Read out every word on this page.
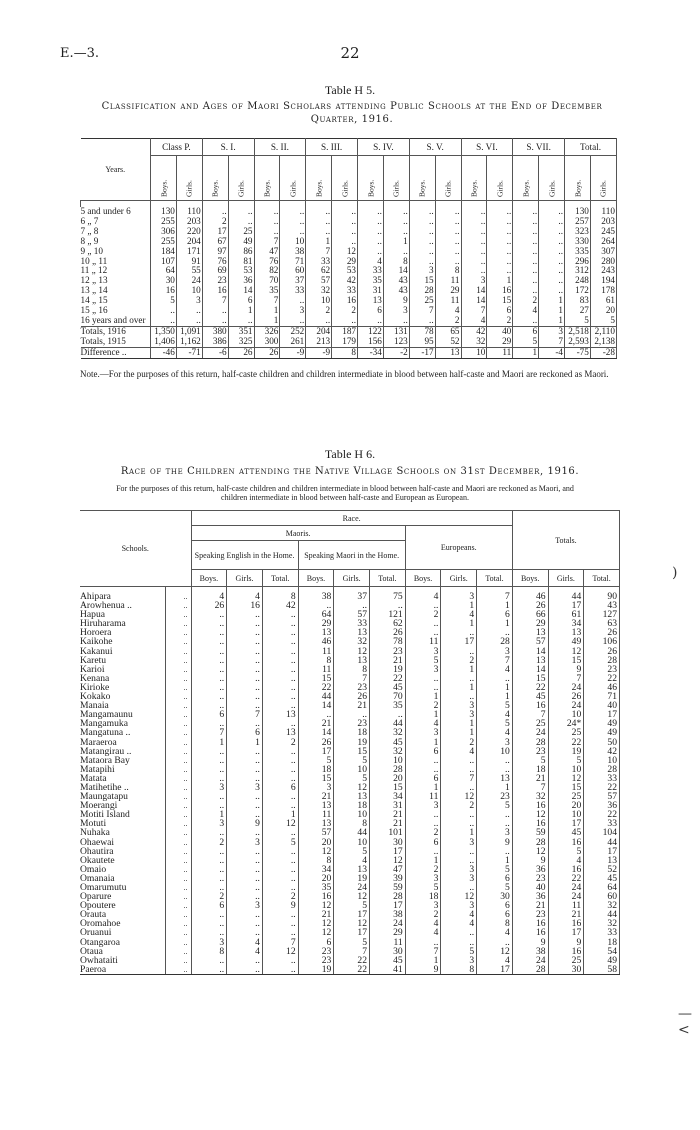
E.—3.	22
Table H 5.
Classification and Ages of Maori Scholars attending Public Schools at the End of December Quarter, 1916.
Years.	Class P.		S. I.		S. II.		S. III.		S. IV.		S. V.		S. VI.		S. VII.		Total.	
	Boys.	Girls.	Boys.	Girls.	Boys.	Girls.	Boys.	Girls.	Boys.	Girls.	Boys.	Girls.	Boys.	Girls.	Boys.	Girls.	Boys.	Girls.

5 and under 6	130	110	..	..	..	..	..	..	..	..	..	..	..	..	..	..	130	110
6 „ 7	255	203	2	..	..	..	..	..	..	..	..	..	..	..	..	..	257	203
7 „ 8	306	220	17	25	..	..	..	..	..	..	..	..	..	..	..	..	323	245
8 „ 9	255	204	67	49	7	10	1	..	..	1	..	..	..	..	..	..	330	264
9 „ 10	184	171	97	86	47	38	7	12	..	..	..	..	..	..	..	..	335	307
10 „ 11	107	91	76	81	76	71	33	29	4	8	..	..	..	..	..	..	296	280
11 „ 12	64	55	69	53	82	60	62	53	33	14	3	8	..	..	..	..	312	243
12 „ 13	30	24	23	36	70	37	57	42	35	43	15	11	3	1	..	..	248	194
13 „ 14	16	10	16	14	35	33	32	33	31	43	28	29	14	16	..	..	172	178
14 „ 15	5	3	7	6	7	..	10	16	13	9	25	11	14	15	2	1	83	61
15 „ 16	..	..	..	1	1	3	2	2	6	3	7	4	7	6	4	1	27	20
16 years and over	..	..	..	..	1	..	..	..	..	..	..	2	4	2	..	1	5	5
Totals, 1916	1,350	1,091	380	351	326	252	204	187	122	131	78	65	42	40	6	3	2,518	2,110
Totals, 1915	1,406	1,162	386	325	300	261	213	179	156	123	95	52	32	29	5	7	2,593	2,138
Difference ..	-46	-71	-6	26	26	-9	-9	8	-34	-2	-17	13	10	11	1	-4	-75	-28
Note.—For the purposes of this return, half-caste children and children intermediate in blood between half-caste and Maori are reckoned as Maori.
Table H 6.
Race of the Children attending the Native Village Schools on 31st December, 1916.
For the purposes of this return, half-caste children and children intermediate in blood between half-caste and Maori are reckoned as Maori, and children intermediate in blood between half-caste and European as European.
Schools.		Race.									Totals.		
		Maoris.						Europeans.					
		Speaking English in the Home.			Speaking Maori in the Home.								
		Boys.	Girls.	Total.	Boys.	Girls.	Total.	Boys.	Girls.	Total.	Boys.	Girls.	Total.
Ahipara	..	4	4	8	38	37	75	4	3	7	46	44	90
Arowhenua ..	..	26	16	42	..	..	..	..	1	1	26	17	43
Hapua	..	..	..	..	64	57	121	2	4	6	66	61	127
Hiruharama	..	..	..	..	29	33	62	..	1	1	29	34	63
Horoera	..	..	..	..	13	13	26	..	..	..	13	13	26
Kaikohe	..	..	..	..	46	32	78	11	17	28	57	49	106
Kakanui	..	..	..	..	11	12	23	3	..	3	14	12	26
Karetu	..	..	..	..	8	13	21	5	2	7	13	15	28
Karioi	..	..	..	..	11	8	19	3	1	4	14	9	23
Kenana	..	..	..	..	15	7	22	..	..	..	15	7	22
Kirioke	..	..	..	..	22	23	45	..	1	1	22	24	46
Kokako	..	..	..	..	44	26	70	1	..	1	45	26	71
Manaia	..	..	..	..	14	21	35	2	3	5	16	24	40
Mangamaunu	..	6	7	13	..	..	..	1	3	4	7	10	17
Mangamuka	..	..	..	..	21	23	44	4	1	5	25	24*	49
Mangatuna ..	..	7	6	13	14	18	32	3	1	4	24	25	49
Maraeroa	..	1	1	2	26	19	45	1	2	3	28	22	50
Matangirau ..	..	..	..	..	17	15	32	6	4	10	23	19	42
Mataora Bay	..	..	..	..	5	5	10	..	..	..	5	5	10
Matapihi	..	..	..	..	18	10	28	..	..	..	18	10	28
Matata	..	..	..	..	15	5	20	6	7	13	21	12	33
Matihetihe ..	..	3	3	6	3	12	15	1	..	1	7	15	22
Maungatapu	..	..	..	..	21	13	34	11	12	23	32	25	57
Moerangi	..	..	..	..	13	18	31	3	2	5	16	20	36
Motiti Island	..	1	..	1	11	10	21	..	..	..	12	10	22
Motuti	..	3	9	12	13	8	21	..	..	..	16	17	33
Nuhaka	..	..	..	..	57	44	101	2	1	3	59	45	104
Ohaewai	..	2	3	5	20	10	30	6	3	9	28	16	44
Ohautira	..	..	..	..	12	5	17	..	..	..	12	5	17
Okautete	..	..	..	..	8	4	12	1	..	1	9	4	13
Omaio	..	..	..	..	34	13	47	2	3	5	36	16	52
Omanaia	..	..	..	..	20	19	39	3	3	6	23	22	45
Omarumutu	..	..	..	..	35	24	59	5	..	5	40	24	64
Oparure	..	2	..	2	16	12	28	18	12	30	36	24	60
Opoutere	..	6	3	9	12	5	17	3	3	6	21	11	32
Orauta	..	..	..	..	21	17	38	2	4	6	23	21	44
Oromahoe	..	..	..	..	12	12	24	4	4	8	16	16	32
Oruanui	..	..	..	..	12	17	29	4	..	4	16	17	33
Otangaroa	..	3	4	7	6	5	11	..	..	..	9	9	18
Otaua	..	8	4	12	23	7	30	7	5	12	38	16	54
Owhataiti	..	..	..	..	23	22	45	1	3	4	24	25	49
Paeroa	..	..	..	..	19	22	41	9	8	17	28	30	58
)
—<
